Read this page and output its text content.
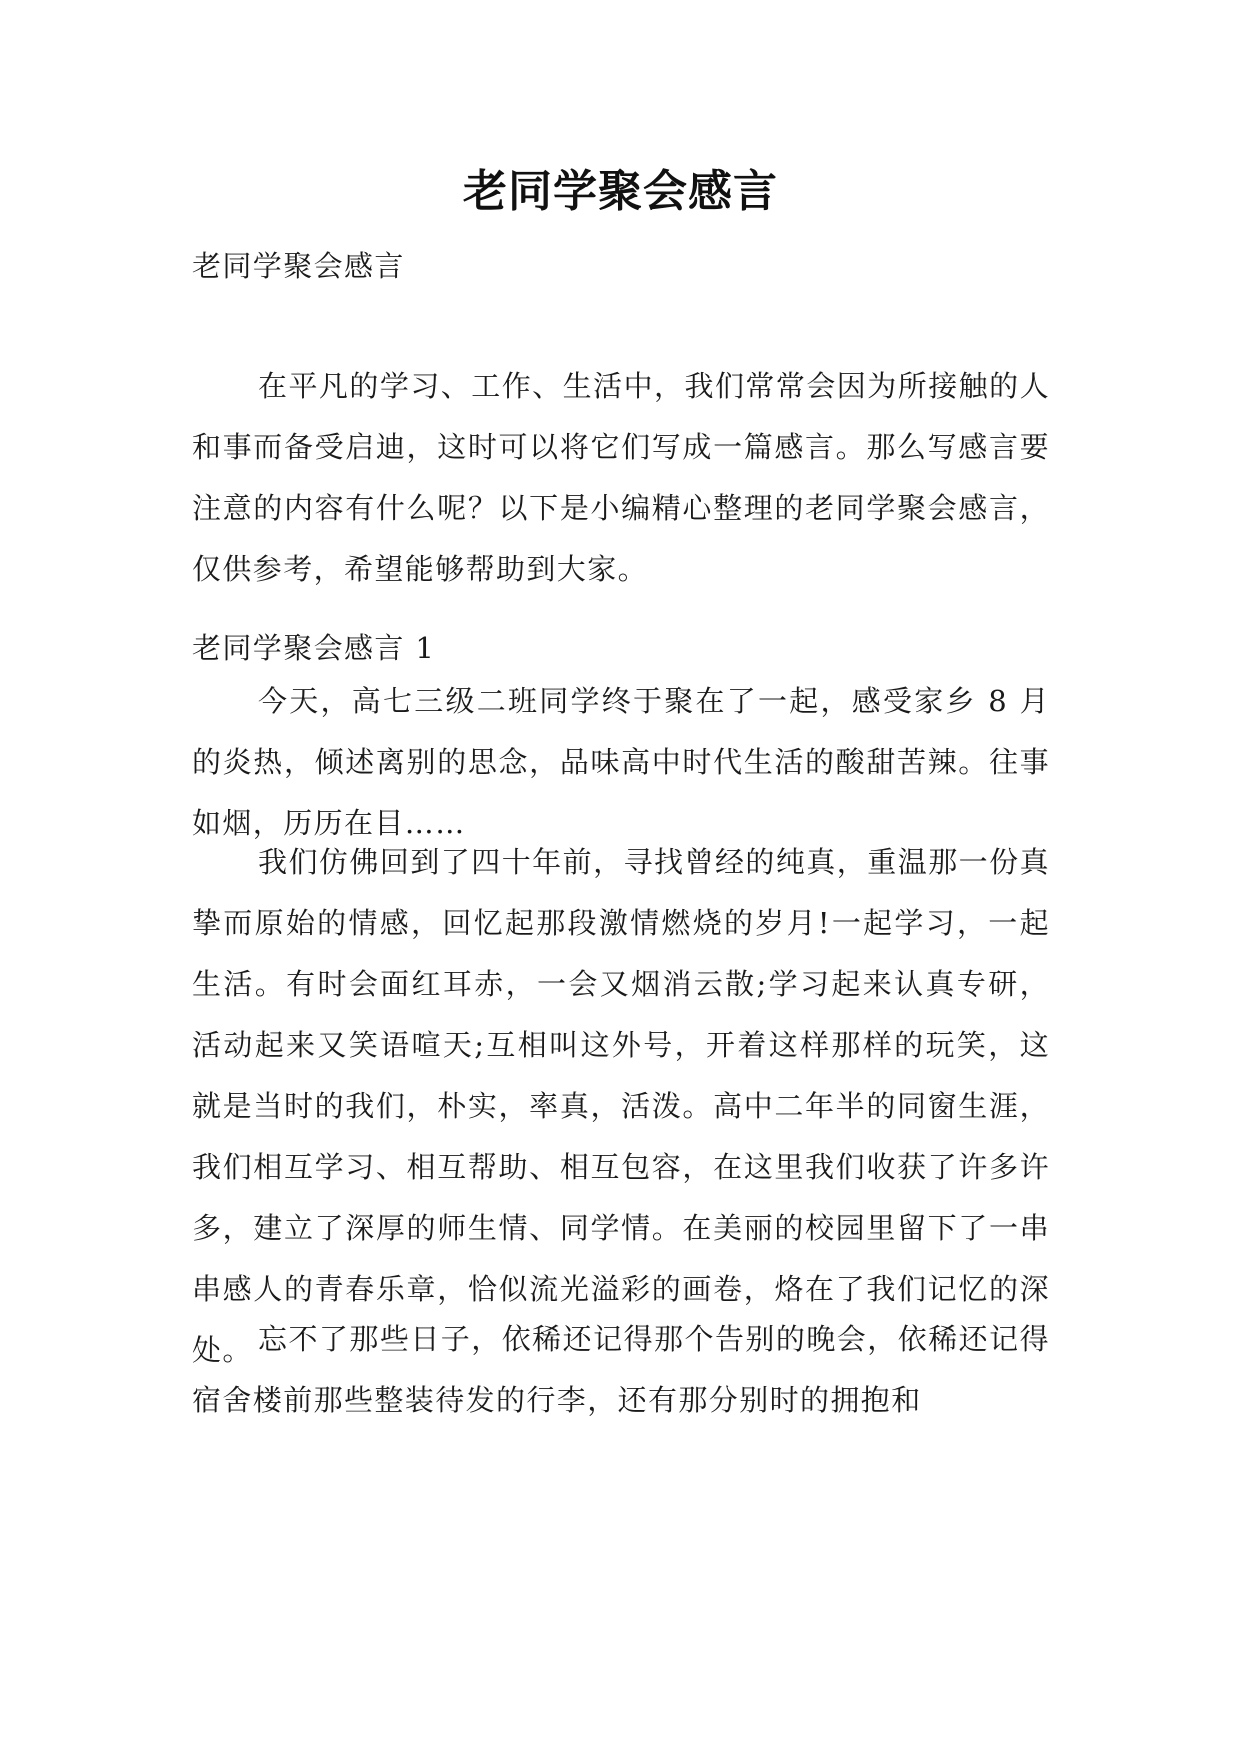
老同学聚会感言

老同学聚会感言

在平凡的学习、工作、生活中，我们常常会因为所接触的人和事而备受启迪，这时可以将它们写成一篇感言。那么写感言要注意的内容有什么呢？以下是小编精心整理的老同学聚会感言，仅供参考，希望能够帮助到大家。

老同学聚会感言 1

今天，高七三级二班同学终于聚在了一起，感受家乡 8 月的炎热，倾述离别的思念，品味高中时代生活的酸甜苦辣。往事如烟，历历在目……

我们仿佛回到了四十年前，寻找曾经的纯真，重温那一份真挚而原始的情感，回忆起那段激情燃烧的岁月!一起学习，一起生活。有时会面红耳赤，一会又烟消云散;学习起来认真专研，活动起来又笑语喧天;互相叫这外号，开着这样那样的玩笑，这就是当时的我们，朴实，率真，活泼。高中二年半的同窗生涯，我们相互学习、相互帮助、相互包容，在这里我们收获了许多许多，建立了深厚的师生情、同学情。在美丽的校园里留下了一串串感人的青春乐章，恰似流光溢彩的画卷，烙在了我们记忆的深处。 忘不了那些日子，依稀还记得那个告别的晚会，依稀还记得宿舍楼前那些整装待发的行李，还有那分别时的拥抱和
